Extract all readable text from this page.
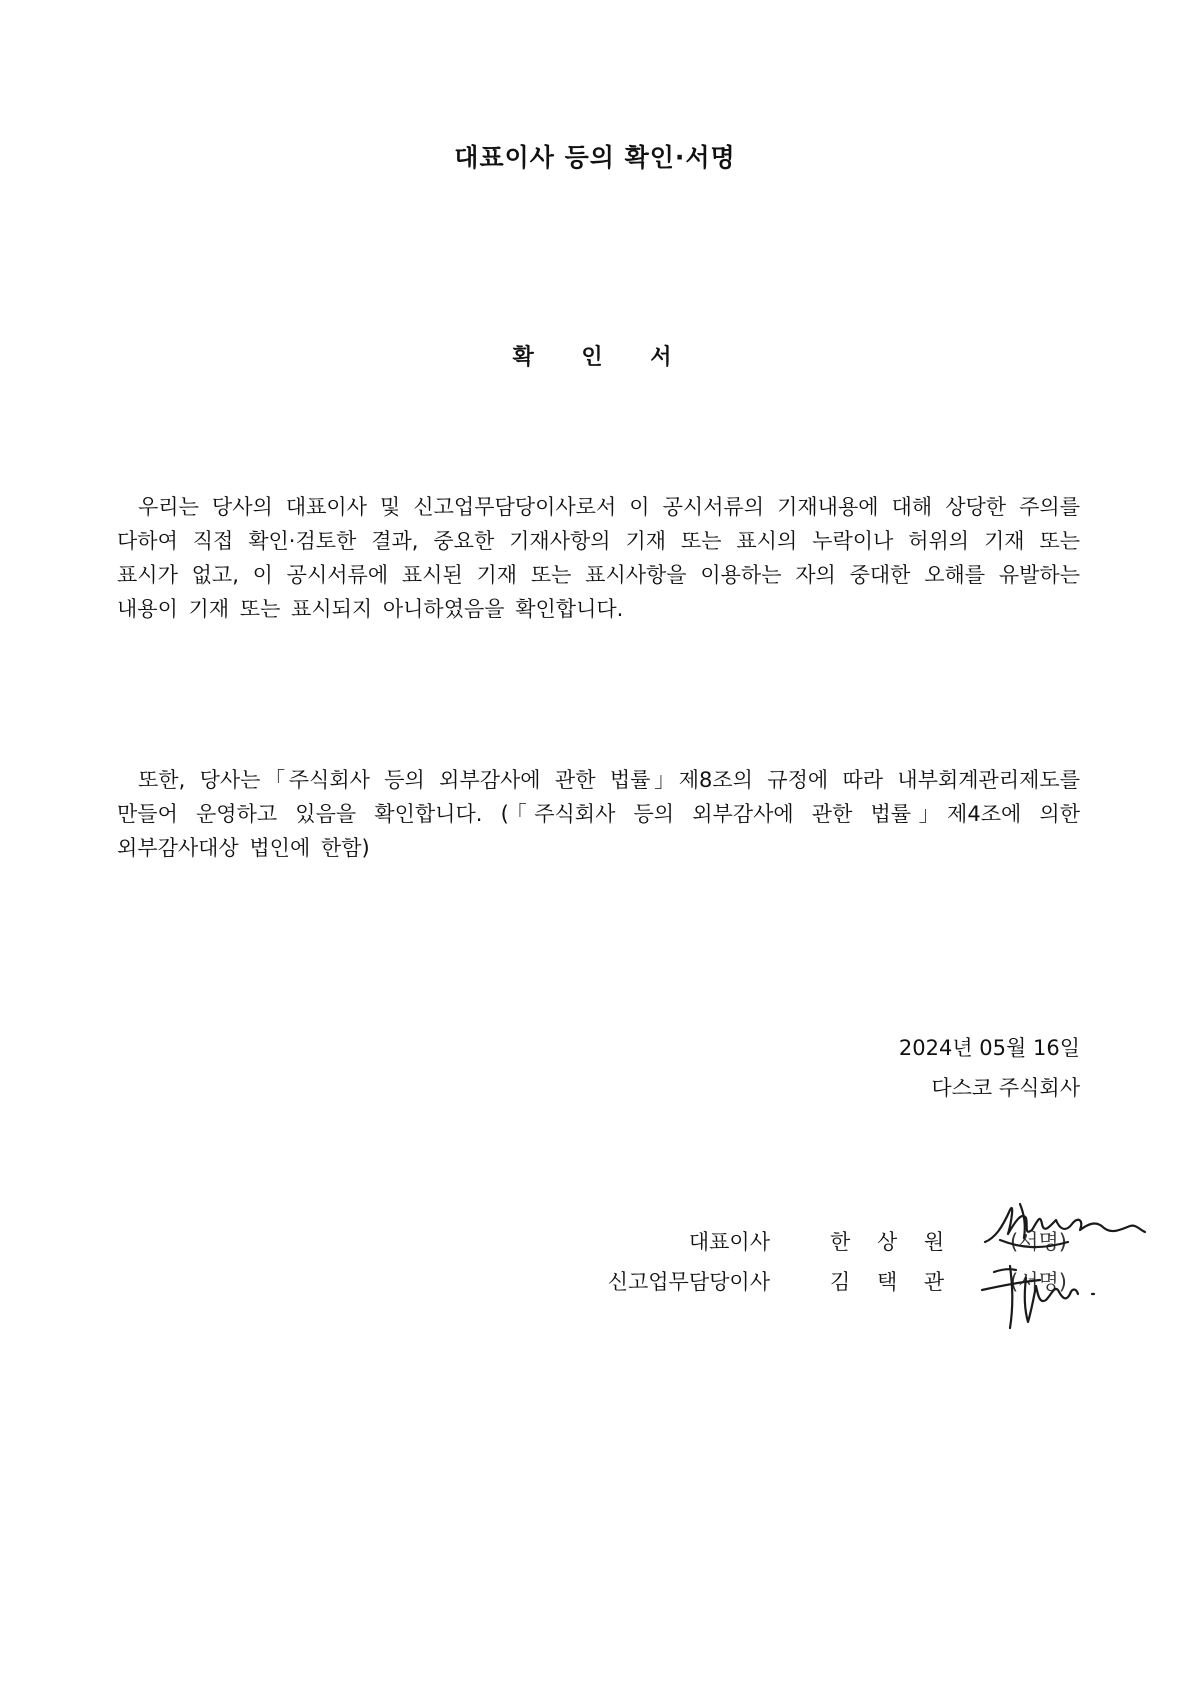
대표이사 등의 확인·서명
확 인 서

우리는 당사의 대표이사 및 신고업무담당이사로서 이 공시서류의 기재내용에 대해 상당한 주의를 다하여 직접 확인·검토한 결과, 중요한 기재사항의 기재 또는 표시의 누락이나 허위의 기재 또는 표시가 없고, 이 공시서류에 표시된 기재 또는 표시사항을 이용하는 자의 중대한 오해를 유발하는 내용이 기재 또는 표시되지 아니하였음을 확인합니다.

또한, 당사는「주식회사 등의 외부감사에 관한 법률」제8조의 규정에 따라 내부회계관리제도를 만들어 운영하고 있음을 확인합니다. (「주식회사 등의 외부감사에 관한 법률」제4조에 의한 외부감사대상 법인에 한함)

2024년 05월 16일

다스코 주식회사

대표이사	한 상 원	(서명)
신고업무담당이사	김 택 관	(서명)
